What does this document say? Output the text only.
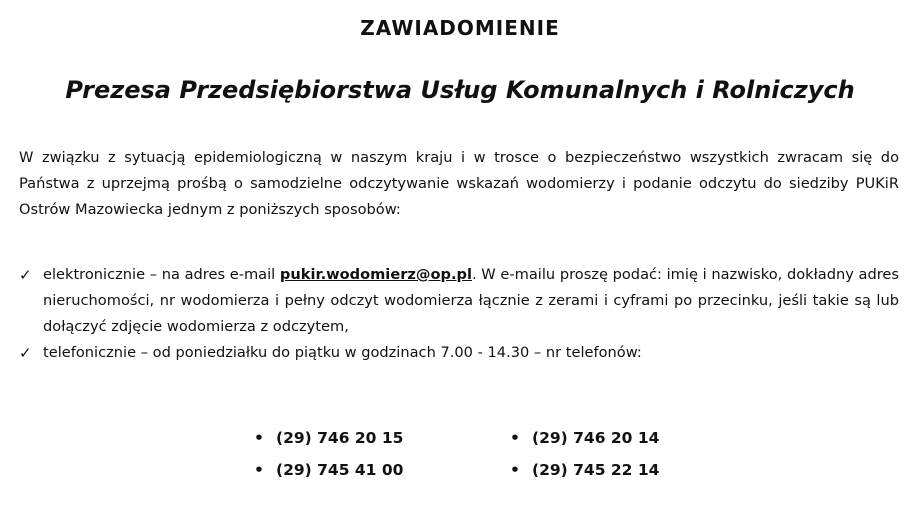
ZAWIADOMIENIE
Prezesa Przedsiębiorstwa Usług Komunalnych i Rolniczych
W związku z sytuacją epidemiologiczną w naszym kraju i w trosce o bezpieczeństwo wszystkich zwracam się do Państwa z uprzejmą prośbą o samodzielne odczytywanie wskazań wodomierzy i podanie odczytu do siedziby PUKiR Ostrów Mazowiecka jednym z poniższych sposobów:
✓ elektronicznie – na adres e-mail pukir.wodomierz@op.pl. W e-mailu proszę podać: imię i nazwisko, dokładny adres nieruchomości, nr wodomierza i pełny odczyt wodomierza łącznie z zerami i cyframi po przecinku, jeśli takie są lub dołączyć zdjęcie wodomierza z odczytem,
✓ telefonicznie – od poniedziałku do piątku w godzinach 7.00 - 14.30 – nr telefonów:
• (29) 746 20 15	• (29) 746 20 14
• (29) 745 41 00	• (29) 745 22 14
